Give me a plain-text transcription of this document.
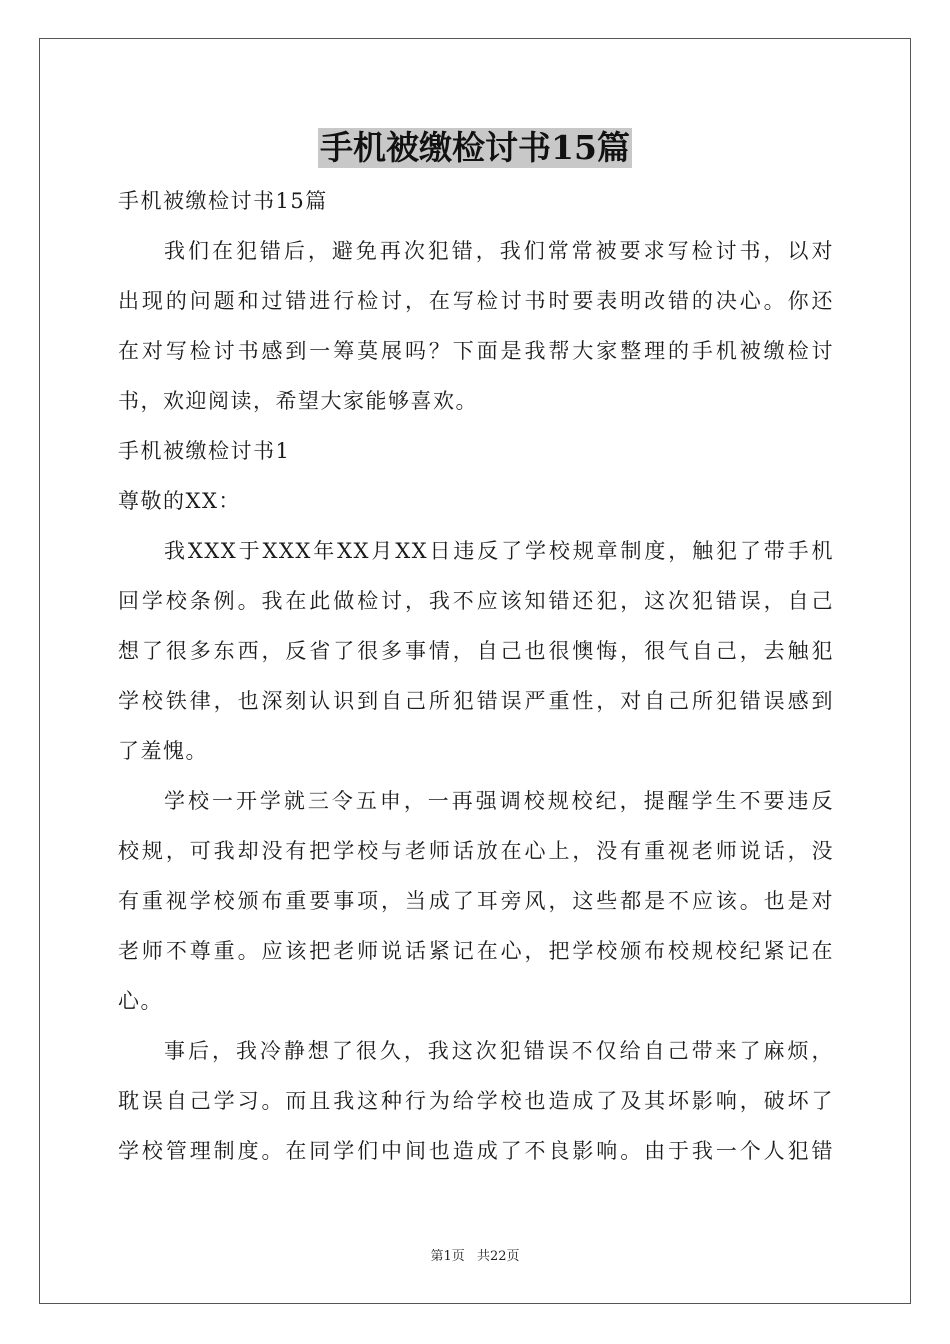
手机被缴检讨书15篇
手机被缴检讨书15篇
我们在犯错后，避免再次犯错，我们常常被要求写检讨书，以对
出现的问题和过错进行检讨，在写检讨书时要表明改错的决心。你还
在对写检讨书感到一筹莫展吗？下面是我帮大家整理的手机被缴检讨
书，欢迎阅读，希望大家能够喜欢。
手机被缴检讨书1
尊敬的XX：
我XXX于XXX年XX月XX日违反了学校规章制度，触犯了带手机
回学校条例。我在此做检讨，我不应该知错还犯，这次犯错误，自己
想了很多东西，反省了很多事情，自己也很懊悔，很气自己，去触犯
学校铁律，也深刻认识到自己所犯错误严重性，对自己所犯错误感到
了羞愧。
学校一开学就三令五申，一再强调校规校纪，提醒学生不要违反
校规，可我却没有把学校与老师话放在心上，没有重视老师说话，没
有重视学校颁布重要事项，当成了耳旁风，这些都是不应该。也是对
老师不尊重。应该把老师说话紧记在心，把学校颁布校规校纪紧记在
心。
事后，我冷静想了很久，我这次犯错误不仅给自己带来了麻烦，
耽误自己学习。而且我这种行为给学校也造成了及其坏影响，破坏了
学校管理制度。在同学们中间也造成了不良影响。由于我一个人犯错
第1页 共22页
